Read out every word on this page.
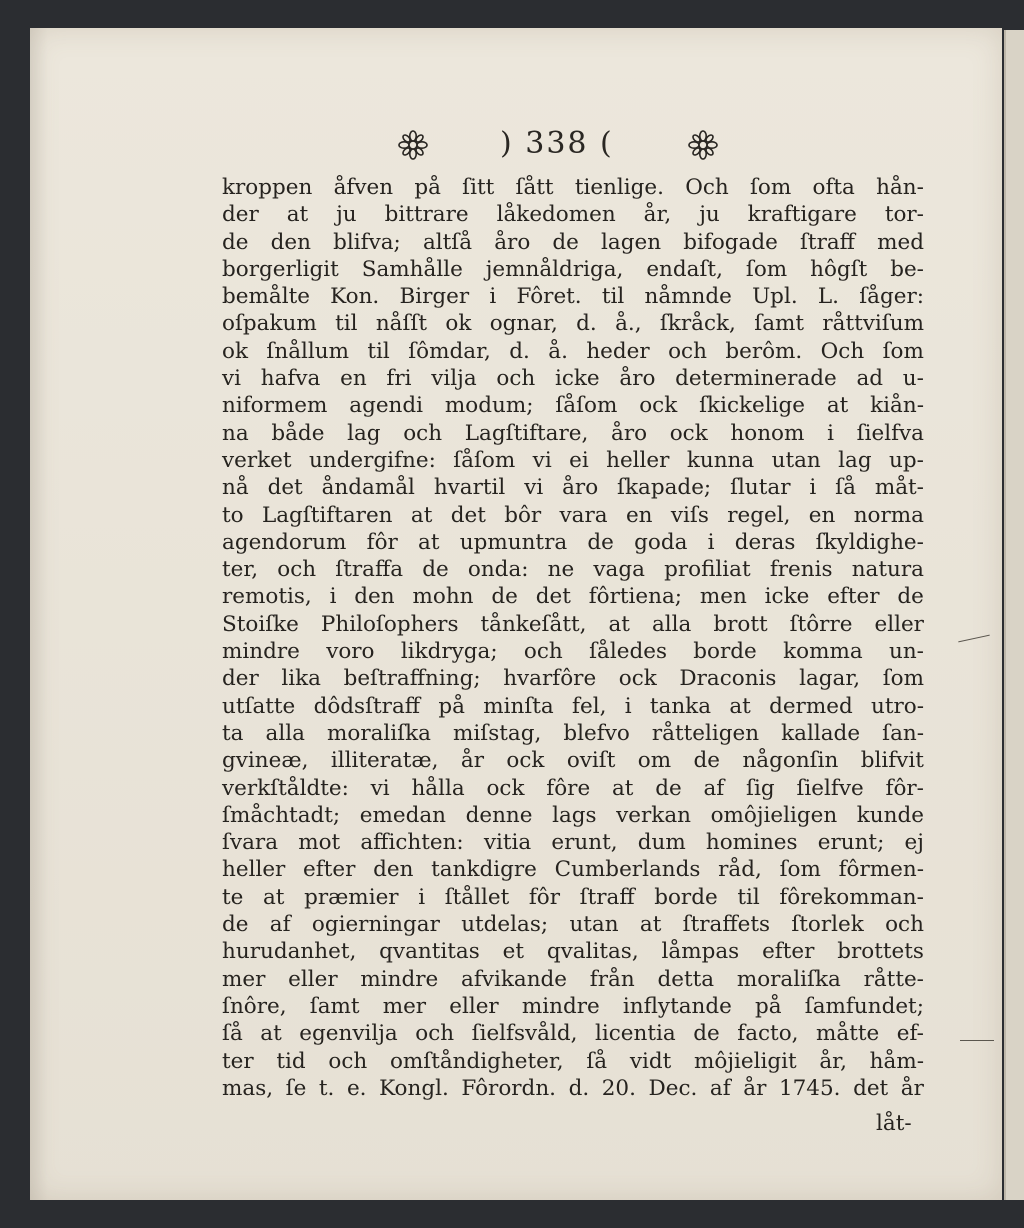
) 338 (
kroppen åfven på ſitt ſått tienlige. Och ſom ofta hån-
der at ju bittrare låkedomen år, ju kraftigare tor-
de den blifva; altſå åro de lagen bifogade ſtraff med
borgerligit Samhålle jemnåldriga, endaſt, ſom hôgſt be-
bemålte Kon. Birger i Fôret. til nåmnde Upl. L. ſåger:
oſpakum til nåſſt ok ognar, d. å., ſkråck, ſamt råttviſum
ok ſnållum til ſômdar, d. å. heder och berôm. Och ſom
vi hafva en fri vilja och icke åro determinerade ad u-
niformem agendi modum; ſåſom ock ſkickelige at kiån-
na både lag och Lagſtiftare, åro ock honom i ſielfva
verket undergifne: ſåſom vi ei heller kunna utan lag up-
nå det åndamål hvartil vi åro ſkapade; ſlutar i ſå måt-
to Lagſtiftaren at det bôr vara en viſs regel, en norma
agendorum fôr at upmuntra de goda i deras ſkyldighe-
ter, och ſtraffa de onda: ne vaga profiliat frenis natura
remotis, i den mohn de det fôrtiena; men icke efter de
Stoiſke Philoſophers tånkeſått, at alla brott ſtôrre eller
mindre voro likdryga; och ſåledes borde komma un-
der lika beſtraffning; hvarfôre ock Draconis lagar, ſom
utſatte dôdsſtraff på minſta fel, i tanka at dermed utro-
ta alla moraliſka miſstag, blefvo råtteligen kallade ſan-
gvineæ, illiteratæ, år ock oviſt om de någonſin blifvit
verkſtåldte: vi hålla ock fôre at de af ſig ſielfve fôr-
ſmåchtadt; emedan denne lags verkan omôjieligen kunde
ſvara mot affichten: vitia erunt, dum homines erunt; ej
heller efter den tankdigre Cumberlands råd, ſom fôrmen-
te at præmier i ſtållet fôr ſtraff borde til fôrekomman-
de af ogierningar utdelas; utan at ſtraffets ſtorlek och
hurudanhet, qvantitas et qvalitas, låmpas efter brottets
mer eller mindre afvikande från detta moraliſka råtte-
ſnôre, ſamt mer eller mindre inflytande på ſamfundet;
ſå at egenvilja och ſielfsvåld, licentia de facto, måtte ef-
ter tid och omſtåndigheter, ſå vidt môjieligit år, håm-
mas, ſe t. e. Kongl. Fôrordn. d. 20. Dec. af år 1745. det år
låt-
